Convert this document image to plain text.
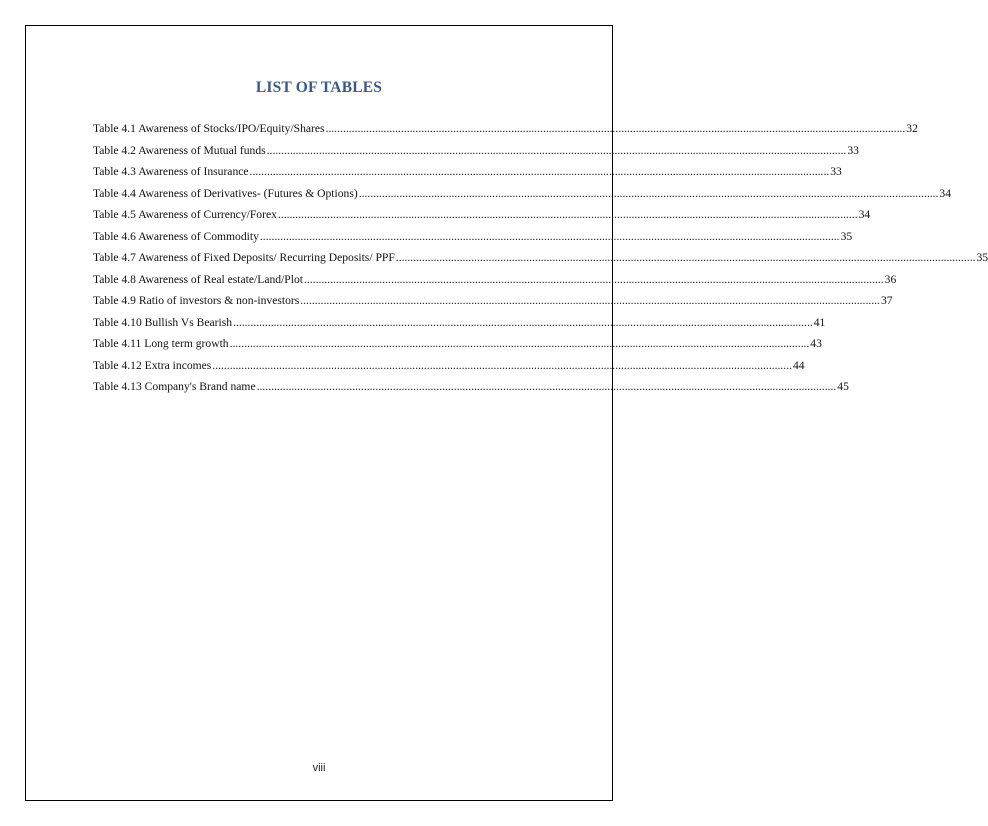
LIST OF TABLES
Table 4.1 Awareness of Stocks/IPO/Equity/Shares ........................................................................................................................................................................................................ 32
Table 4.2 Awareness of Mutual funds ........................................................................................................................................................................................................ 33
Table 4.3 Awareness of Insurance ........................................................................................................................................................................................................ 33
Table 4.4 Awareness of Derivatives- (Futures & Options) ........................................................................................................................................................................................................ 34
Table 4.5 Awareness of Currency/Forex ........................................................................................................................................................................................................ 34
Table 4.6 Awareness of Commodity ........................................................................................................................................................................................................ 35
Table 4.7 Awareness of Fixed Deposits/ Recurring Deposits/ PPF ........................................................................................................................................................................................................ 35
Table 4.8 Awareness of Real estate/Land/Plot ........................................................................................................................................................................................................ 36
Table 4.9 Ratio of investors & non-investors ........................................................................................................................................................................................................ 37
Table 4.10 Bullish Vs Bearish ........................................................................................................................................................................................................ 41
Table 4.11 Long term growth ........................................................................................................................................................................................................ 43
Table 4.12 Extra incomes ........................................................................................................................................................................................................ 44
Table 4.13 Company's Brand name ........................................................................................................................................................................................................ 45
viii
